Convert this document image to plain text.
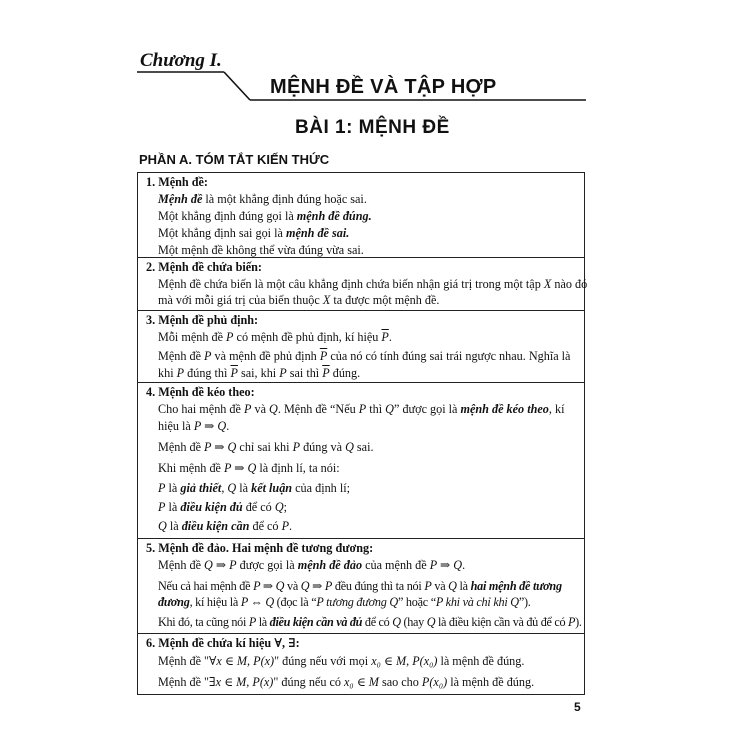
Chương I.
MỆNH ĐỀ VÀ TẬP HỢP
BÀI 1: MỆNH ĐỀ
PHẦN A. TÓM TẮT KIẾN THỨC
1. Mệnh đề:
Mệnh đề là một khẳng định đúng hoặc sai.
Một khẳng định đúng gọi là mệnh đề đúng.
Một khẳng định sai gọi là mệnh đề sai.
Một mệnh đề không thể vừa đúng vừa sai.
2. Mệnh đề chứa biến:
Mệnh đề chứa biến là một câu khẳng định chứa biến nhận giá trị trong một tập X nào đó
mà với mỗi giá trị của biến thuộc X ta được một mệnh đề.
3. Mệnh đề phủ định:
Mỗi mệnh đề P có mệnh đề phủ định, kí hiệu $\overline{P}$.
Mệnh đề P và mệnh đề phủ định $\overline{P}$ của nó có tính đúng sai trái ngược nhau. Nghĩa là
khi P đúng thì $\overline{P}$ sai, khi P sai thì $\overline{P}$ đúng.
4. Mệnh đề kéo theo:
Cho hai mệnh đề P và Q. Mệnh đề “Nếu P thì Q” được gọi là mệnh đề kéo theo, kí
hiệu là P ⇒ Q.
Mệnh đề P ⇒ Q chỉ sai khi P đúng và Q sai.
Khi mệnh đề P ⇒ Q là định lí, ta nói:
P là giả thiết, Q là kết luận của định lí;
P là điều kiện đủ để có Q;
Q là điều kiện cần để có P.
5. Mệnh đề đảo. Hai mệnh đề tương đương:
Mệnh đề Q ⇒ P được gọi là mệnh đề đảo của mệnh đề P ⇒ Q.
Nếu cả hai mệnh đề P ⇒ Q và Q ⇒ P đều đúng thì ta nói P và Q là hai mệnh đề tương
đương, kí hiệu là P ⇔ Q (đọc là “P tương đương Q” hoặc “P khi và chỉ khi Q”).
Khi đó, ta cũng nói P là điều kiện cần và đủ để có Q (hay Q là điều kiện cần và đủ để có P).
6. Mệnh đề chứa kí hiệu ∀, ∃:
Mệnh đề "∀x ∈ M, P(x)" đúng nếu với mọi x₀ ∈ M, P(x₀) là mệnh đề đúng.
Mệnh đề "∃x ∈ M, P(x)" đúng nếu có x₀ ∈ M sao cho P(x₀) là mệnh đề đúng.
5
